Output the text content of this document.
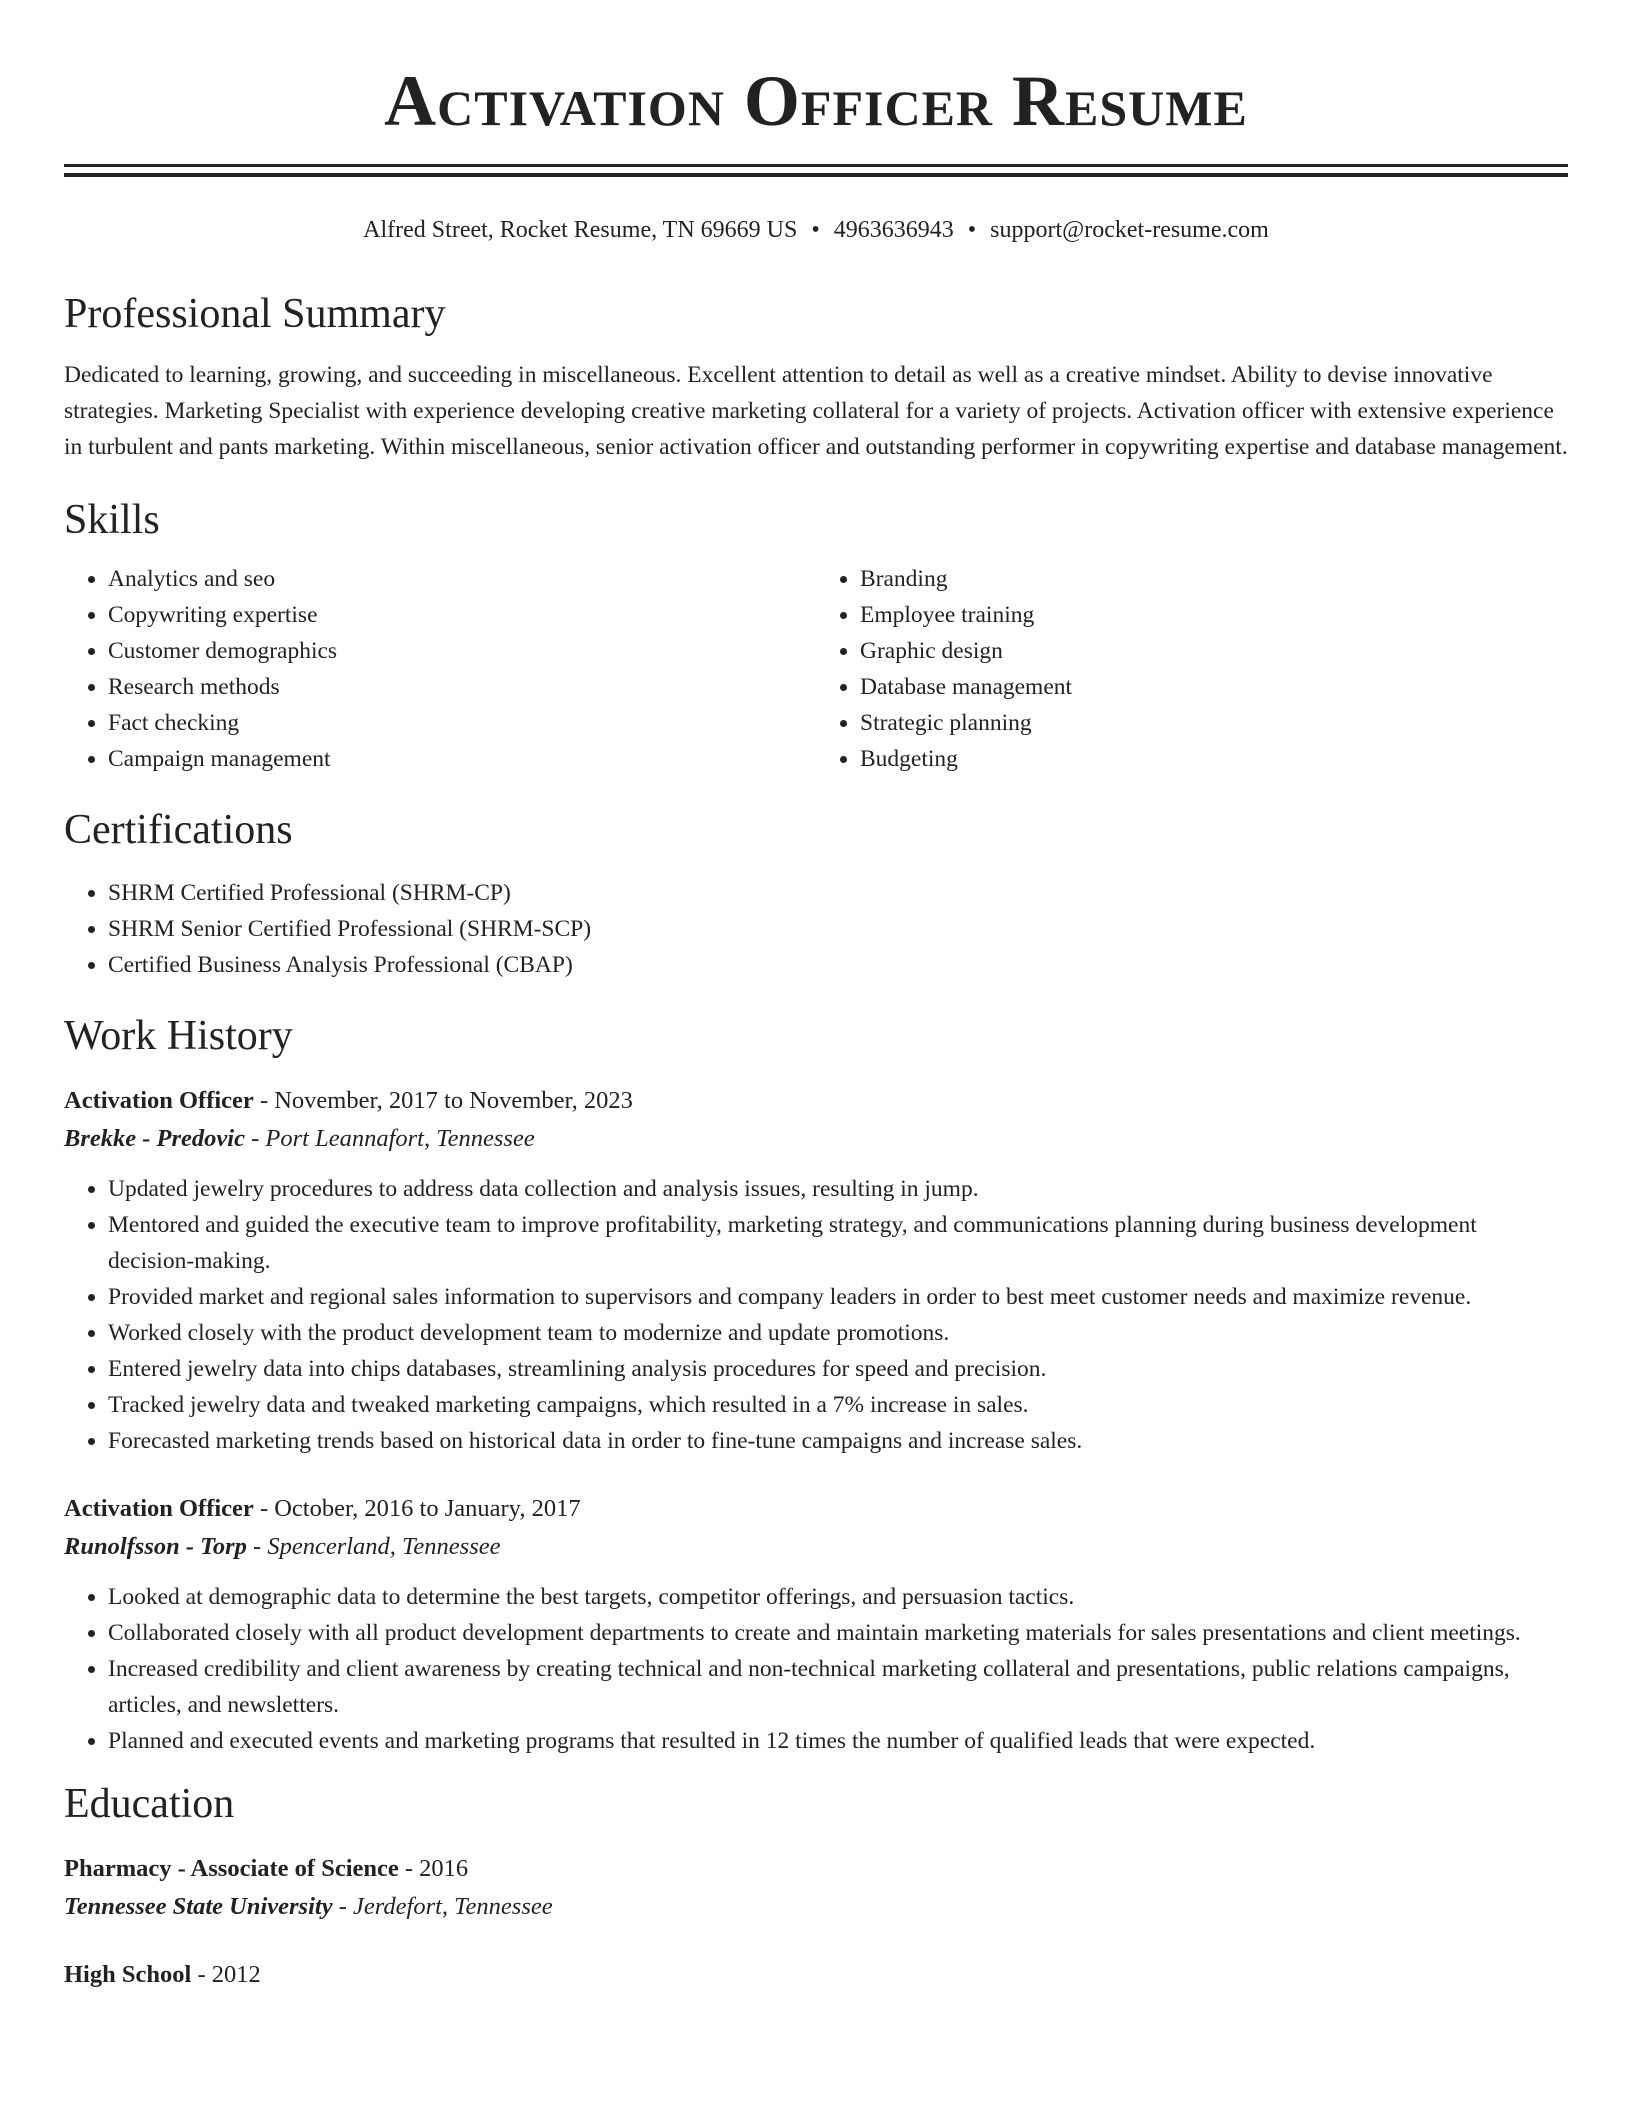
Activation Officer Resume
Alfred Street, Rocket Resume, TN 69669 US • 4963636943 • support@rocket-resume.com
Professional Summary

Dedicated to learning, growing, and succeeding in miscellaneous. Excellent attention to detail as well as a creative mindset. Ability to devise innovative strategies. Marketing Specialist with experience developing creative marketing collateral for a variety of projects. Activation officer with extensive experience in turbulent and pants marketing. Within miscellaneous, senior activation officer and outstanding performer in copywriting expertise and database management.

Skills
• Analytics and seo
• Copywriting expertise
• Customer demographics
• Research methods
• Fact checking
• Campaign management
• Branding
• Employee training
• Graphic design
• Database management
• Strategic planning
• Budgeting
Certifications
• SHRM Certified Professional (SHRM-CP)
• SHRM Senior Certified Professional (SHRM-SCP)
• Certified Business Analysis Professional (CBAP)
Work History
Activation Officer - November, 2017 to November, 2023
Brekke - Predovic - Port Leannafort, Tennessee
• Updated jewelry procedures to address data collection and analysis issues, resulting in jump.
• Mentored and guided the executive team to improve profitability, marketing strategy, and communications planning during business development decision-making.
• Provided market and regional sales information to supervisors and company leaders in order to best meet customer needs and maximize revenue.
• Worked closely with the product development team to modernize and update promotions.
• Entered jewelry data into chips databases, streamlining analysis procedures for speed and precision.
• Tracked jewelry data and tweaked marketing campaigns, which resulted in a 7% increase in sales.
• Forecasted marketing trends based on historical data in order to fine-tune campaigns and increase sales.
Activation Officer - October, 2016 to January, 2017
Runolfsson - Torp - Spencerland, Tennessee
• Looked at demographic data to determine the best targets, competitor offerings, and persuasion tactics.
• Collaborated closely with all product development departments to create and maintain marketing materials for sales presentations and client meetings.
• Increased credibility and client awareness by creating technical and non-technical marketing collateral and presentations, public relations campaigns, articles, and newsletters.
• Planned and executed events and marketing programs that resulted in 12 times the number of qualified leads that were expected.
Education
Pharmacy - Associate of Science - 2016
Tennessee State University - Jerdefort, Tennessee
High School - 2012
